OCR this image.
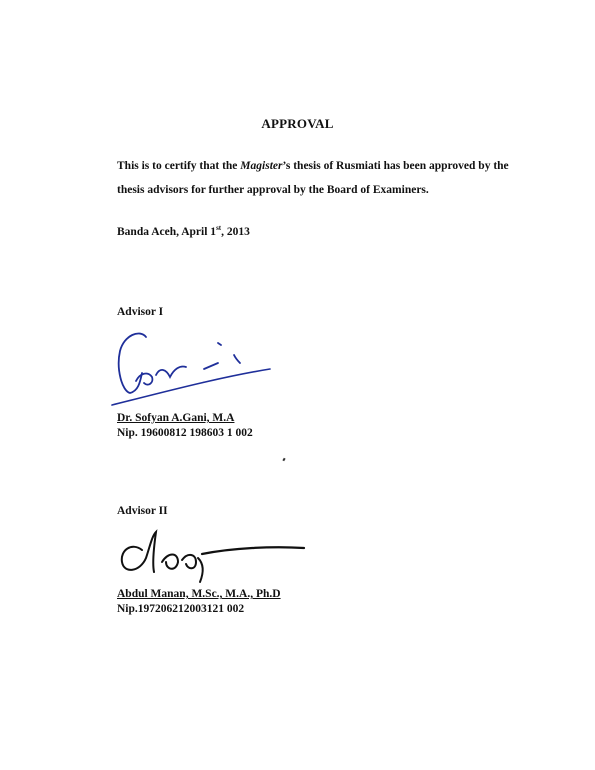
APPROVAL
This is to certify that the Magister’s thesis of Rusmiati has been approved by the thesis advisors for further approval by the Board of Examiners.
Banda Aceh, April 1st, 2013
Advisor I
Dr. Sofyan A.Gani, M.A
Nip. 19600812 198603 1 002
Advisor II
Abdul Manan, M.Sc., M.A., Ph.D
Nip.197206212003121 002
